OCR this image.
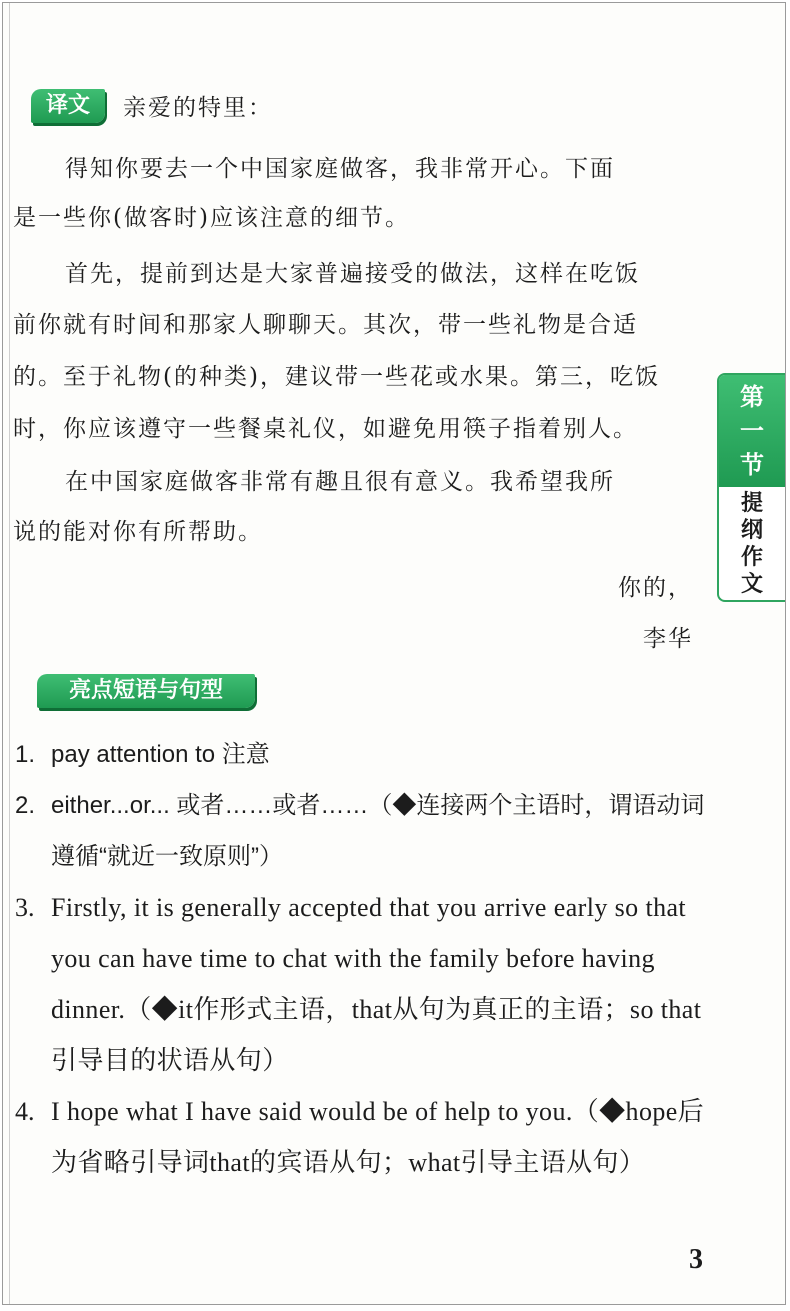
译文	亲爱的特里：
得知你要去一个中国家庭做客，我非常开心。下面
是一些你(做客时)应该注意的细节。
首先，提前到达是大家普遍接受的做法，这样在吃饭
前你就有时间和那家人聊聊天。其次，带一些礼物是合适
的。至于礼物(的种类)，建议带一些花或水果。第三，吃饭
时，你应该遵守一些餐桌礼仪，如避免用筷子指着别人。
在中国家庭做客非常有趣且很有意义。我希望我所
说的能对你有所帮助。
你的，
李华
第
一
节
提
纲
作
文
亮点短语与句型
1. pay attention to 注意
2. either...or... 或者……或者……（◆连接两个主语时，谓语动词遵循“就近一致原则”）
3. Firstly, it is generally accepted that you arrive early so that you can have time to chat with the family before having dinner.（◆it作形式主语，that从句为真正的主语；so that引导目的状语从句）
4. I hope what I have said would be of help to you.（◆hope后为省略引导词that的宾语从句；what引导主语从句）
3
